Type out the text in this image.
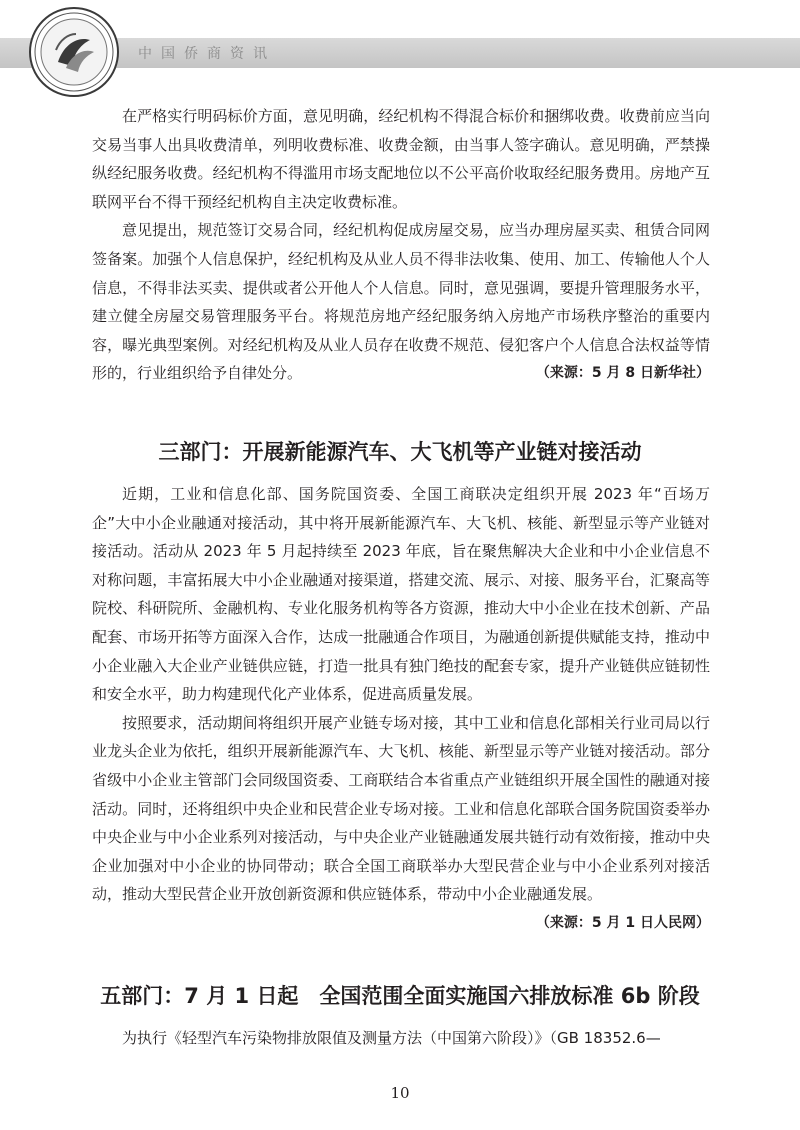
中国侨商资讯

在严格实行明码标价方面，意见明确，经纪机构不得混合标价和捆绑收费。收费前应当向交易当事人出具收费清单，列明收费标准、收费金额，由当事人签字确认。意见明确，严禁操纵经纪服务收费。经纪机构不得滥用市场支配地位以不公平高价收取经纪服务费用。房地产互联网平台不得干预经纪机构自主决定收费标准。

意见提出，规范签订交易合同，经纪机构促成房屋交易，应当办理房屋买卖、租赁合同网签备案。加强个人信息保护，经纪机构及从业人员不得非法收集、使用、加工、传输他人个人信息，不得非法买卖、提供或者公开他人个人信息。同时，意见强调，要提升管理服务水平，建立健全房屋交易管理服务平台。将规范房地产经纪服务纳入房地产市场秩序整治的重要内容，曝光典型案例。对经纪机构及从业人员存在收费不规范、侵犯客户个人信息合法权益等情形的，行业组织给予自律处分。	（来源：5 月 8 日新华社）

三部门：开展新能源汽车、大飞机等产业链对接活动

近期，工业和信息化部、国务院国资委、全国工商联决定组织开展 2023 年“百场万企”大中小企业融通对接活动，其中将开展新能源汽车、大飞机、核能、新型显示等产业链对接活动。活动从 2023 年 5 月起持续至 2023 年底，旨在聚焦解决大企业和中小企业信息不对称问题，丰富拓展大中小企业融通对接渠道，搭建交流、展示、对接、服务平台，汇聚高等院校、科研院所、金融机构、专业化服务机构等各方资源，推动大中小企业在技术创新、产品配套、市场开拓等方面深入合作，达成一批融通合作项目，为融通创新提供赋能支持，推动中小企业融入大企业产业链供应链，打造一批具有独门绝技的配套专家，提升产业链供应链韧性和安全水平，助力构建现代化产业体系，促进高质量发展。

按照要求，活动期间将组织开展产业链专场对接，其中工业和信息化部相关行业司局以行业龙头企业为依托，组织开展新能源汽车、大飞机、核能、新型显示等产业链对接活动。部分省级中小企业主管部门会同级国资委、工商联结合本省重点产业链组织开展全国性的融通对接活动。同时，还将组织中央企业和民营企业专场对接。工业和信息化部联合国务院国资委举办中央企业与中小企业系列对接活动，与中央企业产业链融通发展共链行动有效衔接，推动中央企业加强对中小企业的协同带动；联合全国工商联举办大型民营企业与中小企业系列对接活动，推动大型民营企业开放创新资源和供应链体系，带动中小企业融通发展。

（来源：5 月 1 日人民网）

五部门：7 月 1 日起　全国范围全面实施国六排放标准 6b 阶段

为执行《轻型汽车污染物排放限值及测量方法（中国第六阶段）》（GB 18352.6—

10
